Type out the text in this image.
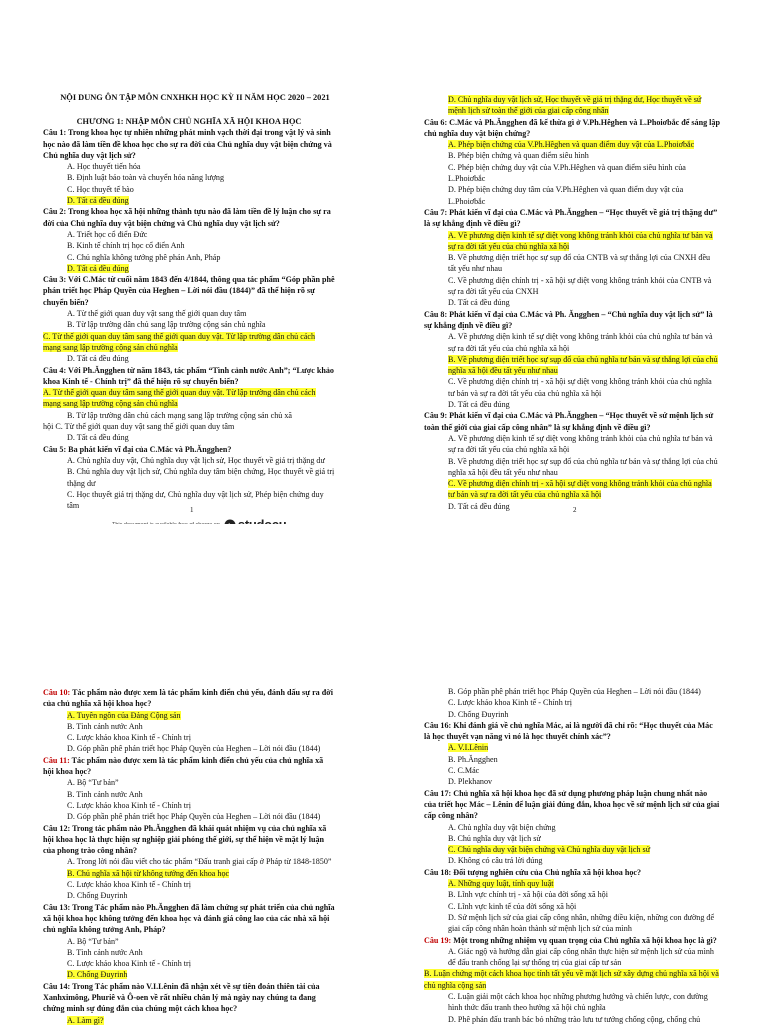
NỘI DUNG ÔN TẬP MÔN CNXHKH HỌC KỲ II NĂM HỌC 2020 – 2021
CHƯƠNG 1: NHẬP MÔN CHỦ NGHĨA XÃ HỘI KHOA HỌC
Câu 1: Trong khoa học tự nhiên những phát minh vạch thời đại trong vật lý và sinh học nào đã làm tiền đề khoa học cho sự ra đời của Chủ nghĩa duy vật biện chứng và Chủ nghĩa duy vật lịch sử?
A. Học thuyết tiến hóa
B. Định luật bảo toàn và chuyển hóa năng lượng
C. Học thuyết tế bào
D. Tất cả đều đúng
Câu 2: Trong khoa học xã hội những thành tựu nào đã làm tiền đề lý luận cho sự ra đời của Chủ nghĩa duy vật biện chứng và Chủ nghĩa duy vật lịch sử?
A. Triết học cổ điển Đức
B. Kinh tế chính trị học cổ điển Anh
C. Chủ nghĩa không tưởng phê phán Anh, Pháp
D. Tất cả đều đúng
Câu 3: Với C.Mác từ cuối năm 1843 đến 4/1844, thông qua tác phẩm “Góp phần phê phán triết học Pháp Quyền của Heghen – Lời nói đầu (1844)” đã thể hiện rõ sự chuyển biến?
A. Từ thế giới quan duy vật sang thế giới quan duy tâm
B. Từ lập trường dân chủ sang lập trường cộng sản chủ nghĩa
C. Từ thế giới quan duy tâm sang thế giới quan duy vật. Từ lập trường dân chủ cách mạng sang lập trường cộng sản chủ nghĩa
D. Tất cả đều đúng
Câu 4: Với Ph.Ăngghen từ năm 1843, tác phẩm “Tình cảnh nước Anh”; “Lược khảo khoa Kinh tế - Chính trị” đã thể hiện rõ sự chuyển biến?
A. Từ thế giới quan duy tâm sang thế giới quan duy vật. Từ lập trường dân chủ cách mạng sang lập trường cộng sản chủ nghĩa
B. Từ lập trường dân chủ cách mạng sang lập trường cộng sản chủ xã
hội C. Từ thế giới quan duy vật sang thế giới quan duy tâm
D. Tất cả đều đúng
Câu 5: Ba phát kiến vĩ đại của C.Mác và Ph.Ăngghen?
A. Chủ nghĩa duy vật, Chủ nghĩa duy vật lịch sử, Học thuyết về giá trị thặng dư
B. Chủ nghĩa duy vật lịch sử, Chủ nghĩa duy tâm biện chứng, Học thuyết về giá trị thặng dư
C. Học thuyết giá trị thặng dư, Chủ nghĩa duy vật lịch sử, Phép biện chứng duy tâm
D. Chủ nghĩa duy vật lịch sử, Học thuyết về giá trị thặng dư, Học thuyết về sứ mệnh lịch sử toàn thế giới của giai cấp công nhân
Câu 6: C.Mác và Ph.Ăngghen đã kế thừa gì ở V.Ph.Hêghen và L.Phoiơbắc để sáng lập chủ nghĩa duy vật biện chứng?
A. Phép biện chứng của V.Ph.Hêghen và quan điểm duy vật của L.Phoiơbắc
B. Phép biện chứng và quan điểm siêu hình
C. Phép biện chứng duy vật của V.Ph.Hêghen và quan điểm siêu hình của L.Phoiơbắc
D. Phép biện chứng duy tâm của V.Ph.Hêghen và quan điểm duy vật của L.Phoiơbắc
Câu 7: Phát kiến vĩ đại của C.Mác và Ph.Ăngghen – “Học thuyết về giá trị thặng dư” là sự khẳng định về điều gì?
A. Về phương diện kinh tế sự diệt vong không tránh khỏi của chủ nghĩa tư bản và sự ra đời tất yếu của chủ nghĩa xã hội
B. Về phương diện triết học sự sụp đổ của CNTB và sự thắng lợi của CNXH đều tất yếu như nhau
C. Về phương diện chính trị - xã hội sự diệt vong không tránh khỏi của CNTB và sự ra đời tất yếu của CNXH
D. Tất cả đều đúng
Câu 8: Phát kiến vĩ đại của C.Mác và Ph. Ăngghen – “Chủ nghĩa duy vật lịch sử” là sự khẳng định về điều gì?
A. Về phương diện kinh tế sự diệt vong không tránh khỏi của chủ nghĩa tư bản và sự ra đời tất yếu của chủ nghĩa xã hội
B. Về phương diện triết học sự sụp đổ của chủ nghĩa tư bản và sự thắng lợi của chủ nghĩa xã hội đều tất yếu như nhau
C. Về phương diện chính trị - xã hội sự diệt vong không tránh khỏi của chủ nghĩa tư bản và sự ra đời tất yếu của chủ nghĩa xã hội
D. Tất cả đều đúng
Câu 9: Phát kiến vĩ đại của C.Mác và Ph.Ăngghen – “Học thuyết về sứ mệnh lịch sử toàn thế giới của giai cấp công nhân” là sự khẳng định về điều gì?
A. Về phương diện kinh tế sự diệt vong không tránh khỏi của chủ nghĩa tư bản và sự ra đời tất yếu của chủ nghĩa xã hội
B. Về phương diện triết học sự sụp đổ của chủ nghĩa tư bản và sự thắng lợi của chủ nghĩa xã hội đều tất yếu như nhau
C. Về phương diện chính trị - xã hội sự diệt vong không tránh khỏi của chủ nghĩa tư bản và sự ra đời tất yếu của chủ nghĩa xã hội
D. Tất cả đều đúng
1	2
Câu 10: Tác phẩm nào được xem là tác phẩm kinh điển chủ yếu, đánh dấu sự ra đời của chủ nghĩa xã hội khoa học?
A. Tuyên ngôn của Đảng Cộng sản
B. Tình cảnh nước Anh
C. Lược khảo khoa Kinh tế - Chính trị
D. Góp phần phê phán triết học Pháp Quyền của Heghen – Lời nói đầu (1844)
Câu 11: Tác phẩm nào được xem là tác phẩm kinh điển chủ yếu của chủ nghĩa xã hội khoa học?
A. Bộ “Tư bản”
B. Tình cảnh nước Anh
C. Lược khảo khoa Kinh tế - Chính trị
D. Góp phần phê phán triết học Pháp Quyền của Heghen – Lời nói đầu (1844)
Câu 12: Trong tác phẩm nào Ph.Ăngghen đã khái quát nhiệm vụ của chủ nghĩa xã hội khoa học là thực hiện sự nghiệp giải phóng thế giới, sự thể hiện về mặt lý luận của phong trào công nhân?
A. Trong lời nói đầu viết cho tác phẩm “Đấu tranh giai cấp ở Pháp từ 1848-1850”
B. Chủ nghĩa xã hội từ không tưởng đến khoa học
C. Lược khảo khoa Kinh tế - Chính trị
D. Chống Đuyrinh
Câu 13: Trong Tác phẩm nào Ph.Ăngghen đã làm chứng sự phát triển của chủ nghĩa xã hội khoa học không tưởng đến khoa học và đánh giá công lao của các nhà xã hội chủ nghĩa không tưởng Anh, Pháp?
A. Bộ “Tư bản”
B. Tình cảnh nước Anh
C. Lược khảo khoa Kinh tế - Chính trị
D. Chống Đuyrinh
Câu 14: Trong Tác phẩm nào V.I.Lênin đã nhận xét về sự tiên đoán thiên tài của Xanhximông, Phuriê và Ô-oen về rất nhiều chân lý mà ngày nay chúng ta đang chứng minh sự đúng đắn của chúng một cách khoa học?
A. Làm gì?
B. Góp phần phê phán triết học Pháp Quyền của Heghen – Lời nói đầu (1844)
C. Lược khảo khoa Kinh tế - Chính trị
D. Chống Đuyrinh
Câu 16: Khi đánh giá về chủ nghĩa Mác, ai là người đã chỉ rõ: “Học thuyết của Mác là học thuyết vạn năng vì nó là học thuyết chính xác”?
A. V.I.Lênin
B. Ph.Ăngghen
C. C.Mác
D. Plekhanov
Câu 17: Chủ nghĩa xã hội khoa học đã sử dụng phương pháp luận chung nhất nào của triết học Mác – Lênin để luận giải đúng đắn, khoa học về sứ mệnh lịch sử của giai cấp công nhân?
A. Chủ nghĩa duy vật biện chứng
B. Chủ nghĩa duy vật lịch sử
C. Chủ nghĩa duy vật biện chứng và Chủ nghĩa duy vật lịch sử
D. Không có câu trả lời đúng
Câu 18: Đối tượng nghiên cứu của Chủ nghĩa xã hội khoa học?
A. Những quy luật, tính quy luật
B. Lĩnh vực chính trị - xã hội của đời sống xã hội
C. Lĩnh vực kinh tế của đời sống xã hội
D. Sứ mệnh lịch sử của giai cấp công nhân, những điều kiện, những con đường để giai cấp công nhân hoàn thành sứ mệnh lịch sử của mình
Câu 19: Một trong những nhiệm vụ quan trọng của Chủ nghĩa xã hội khoa học là gì?
A. Giác ngộ và hướng dẫn giai cấp công nhân thực hiện sứ mệnh lịch sử của mình để đấu tranh chống lại sự thống trị của giai cấp tư sản
B. Luận chứng một cách khoa học tính tất yếu về mặt lịch sử xây dựng chủ nghĩa xã hội và chủ nghĩa cộng sản
C. Luận giải một cách khoa học những phương hướng và chiến lược, con đường hình thức đấu tranh theo hướng xã hội chủ nghĩa
D. Phê phán đấu tranh bác bỏ những trào lưu tư tưởng chống cộng, chống chủ
